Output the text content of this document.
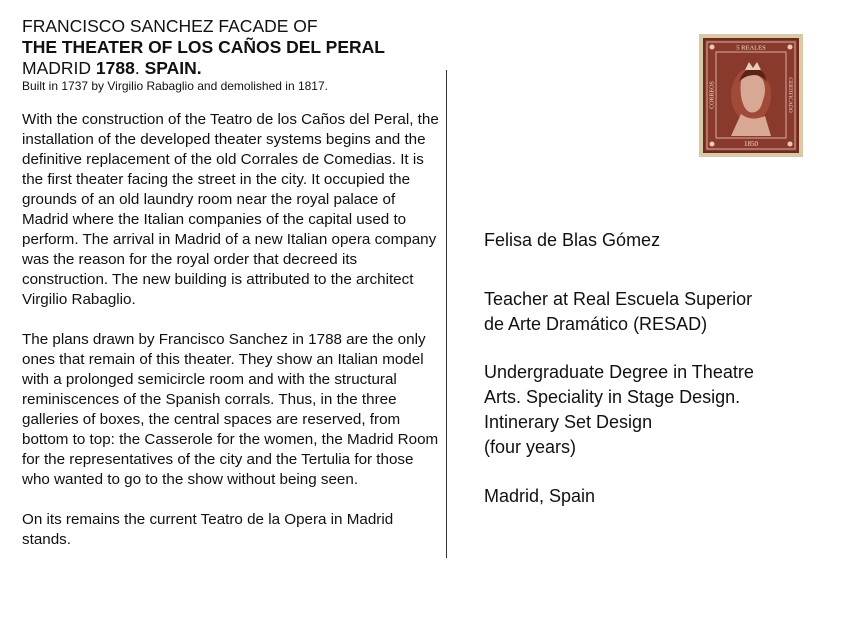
FRANCISCO SANCHEZ FACADE OF
THE THEATER OF LOS CAÑOS DEL PERAL
MADRID 1788. SPAIN.
Built in 1737 by Virgilio Rabaglio and demolished in 1817.

With the construction of the Teatro de los Caños del Peral, the installation of the developed theater systems begins and the definitive replacement of the old Corrales de Comedias. It is the first theater facing the street in the city. It occupied the grounds of an old laundry room near the royal palace of Madrid where the Italian companies of the capital used to perform. The arrival in Madrid of a new Italian opera company was the reason for the royal order that decreed its construction. The new building is attributed to the architect Virgilio Rabaglio.

The plans drawn by Francisco Sanchez in 1788 are the only ones that remain of this theater. They show an Italian model with a prolonged semicircle room and with the structural reminiscences of the Spanish corrals. Thus, in the three galleries of boxes, the central spaces are reserved, from bottom to top: the Casserole for the women, the Madrid Room for the representatives of the city and the Tertulia for those who wanted to go to the show without being seen.

On its remains the current Teatro de la Opera in Madrid stands.

5 REALES
1850
CORREOS	CERTIFICADO
Felisa de Blas Gómez
Teacher at Real Escuela Superior
de Arte Dramático (RESAD)
Undergraduate Degree in Theatre
Arts. Speciality in Stage Design.
Intinerary Set Design
(four years)
Madrid, Spain
